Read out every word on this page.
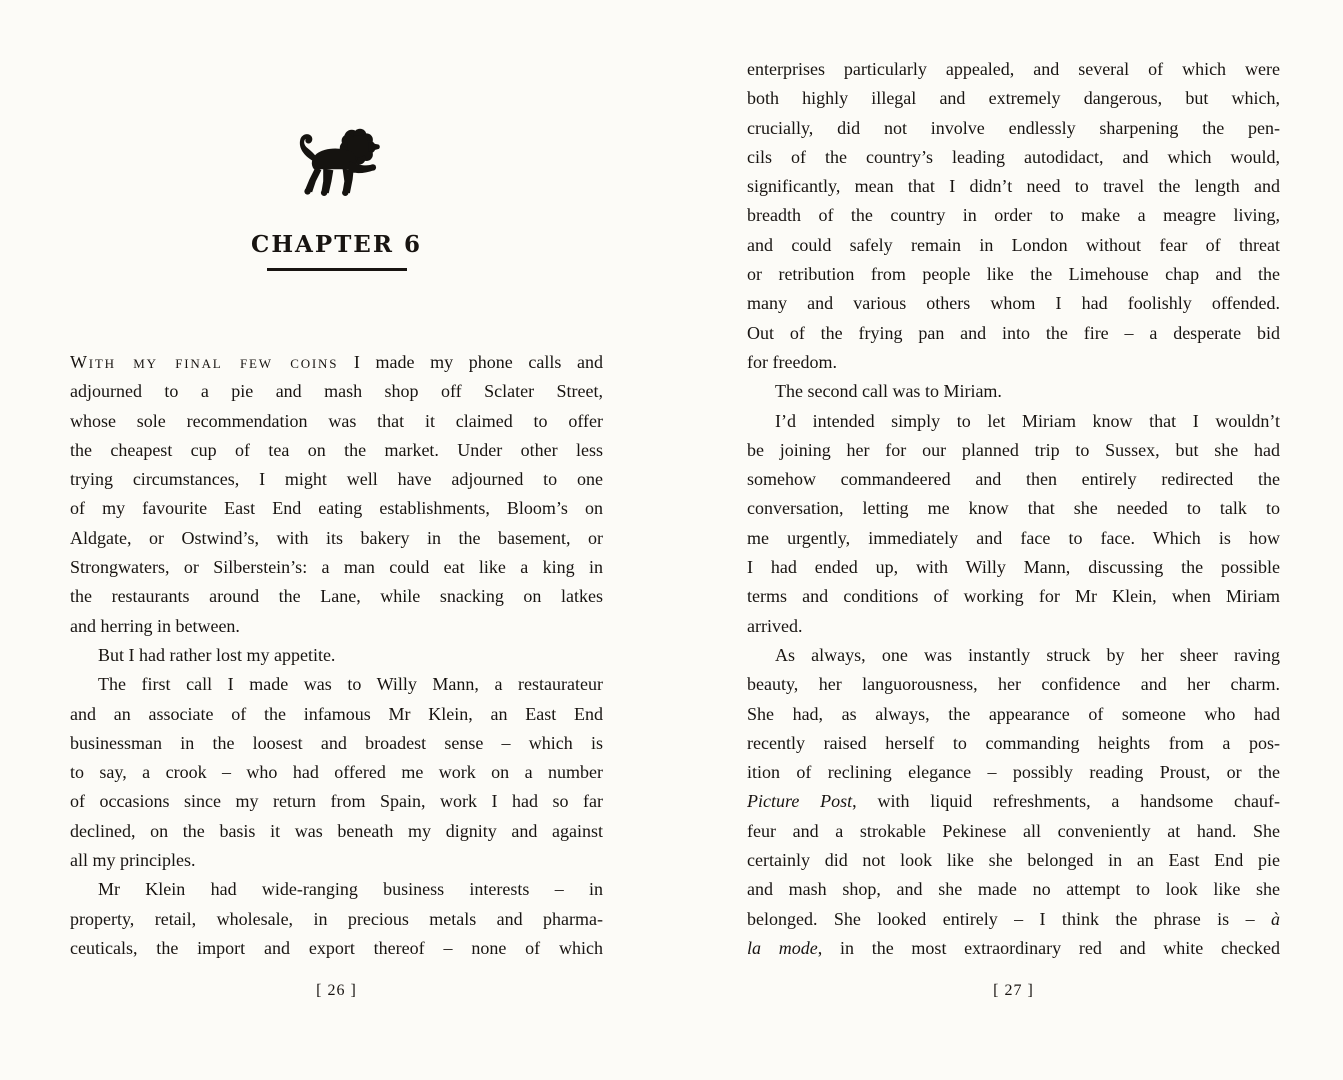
CHAPTER 6
With my final few coins I made my phone calls and
adjourned to a pie and mash shop off Sclater Street,
whose sole recommendation was that it claimed to offer
the cheapest cup of tea on the market. Under other less
trying circumstances, I might well have adjourned to one
of my favourite East End eating establishments, Bloom’s on
Aldgate, or Ostwind’s, with its bakery in the basement, or
Strongwaters, or Silberstein’s: a man could eat like a king in
the restaurants around the Lane, while snacking on latkes
and herring in between.
But I had rather lost my appetite.
The first call I made was to Willy Mann, a restaurateur
and an associate of the infamous Mr Klein, an East End
businessman in the loosest and broadest sense – which is
to say, a crook – who had offered me work on a number
of occasions since my return from Spain, work I had so far
declined, on the basis it was beneath my dignity and against
all my principles.
Mr Klein had wide-ranging business interests – in
property, retail, wholesale, in precious metals and pharma-
ceuticals, the import and export thereof – none of which
[ 26 ]
enterprises particularly appealed, and several of which were
both highly illegal and extremely dangerous, but which,
crucially, did not involve endlessly sharpening the pen-
cils of the country’s leading autodidact, and which would,
significantly, mean that I didn’t need to travel the length and
breadth of the country in order to make a meagre living,
and could safely remain in London without fear of threat
or retribution from people like the Limehouse chap and the
many and various others whom I had foolishly offended.
Out of the frying pan and into the fire – a desperate bid
for freedom.
The second call was to Miriam.
I’d intended simply to let Miriam know that I wouldn’t
be joining her for our planned trip to Sussex, but she had
somehow commandeered and then entirely redirected the
conversation, letting me know that she needed to talk to
me urgently, immediately and face to face. Which is how
I had ended up, with Willy Mann, discussing the possible
terms and conditions of working for Mr Klein, when Miriam
arrived.
As always, one was instantly struck by her sheer raving
beauty, her languorousness, her confidence and her charm.
She had, as always, the appearance of someone who had
recently raised herself to commanding heights from a pos-
ition of reclining elegance – possibly reading Proust, or the
Picture Post, with liquid refreshments, a handsome chauf-
feur and a strokable Pekinese all conveniently at hand. She
certainly did not look like she belonged in an East End pie
and mash shop, and she made no attempt to look like she
belonged. She looked entirely – I think the phrase is – à
la mode, in the most extraordinary red and white checked
[ 27 ]
